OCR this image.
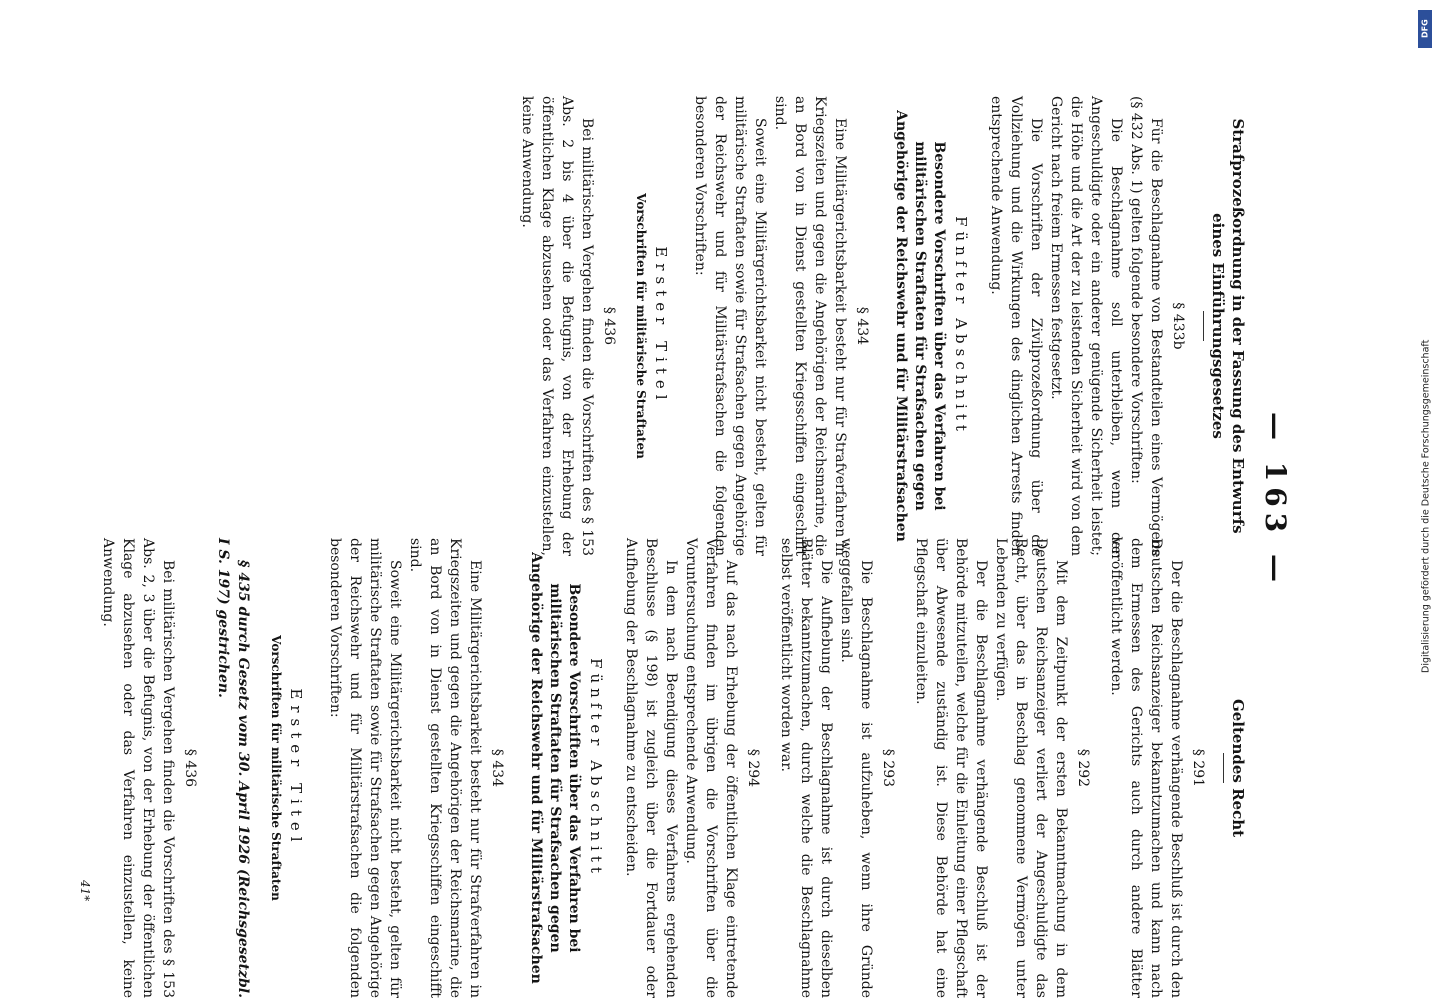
— 163 —
Strafprozeßordnung in der Fassung des Entwurfs eines Einführungsgesetzes
§ 433b

Für die Beschlagnahme von Bestandteilen eines Vermögens (§ 432 Abs. 1) gelten folgende besondere Vorschriften:

Die Beschlagnahme soll unterbleiben, wenn der Angeschuldigte oder ein anderer genügende Sicherheit leistet; die Höhe und die Art der zu leistenden Sicherheit wird von dem Gericht nach freiem Ermessen festgesetzt.

Die Vorschriften der Zivilprozeßordnung über die Vollziehung und die Wirkungen des dinglichen Arrests finden entsprechende Anwendung.

Fünfter Abschnitt
Besondere Vorschriften über das Verfahren bei militärischen Straftaten für Strafsachen gegen Angehörige der Reichswehr und für Militärstrafsachen
§ 434

Eine Militärgerichtsbarkeit besteht nur für Strafverfahren in Kriegszeiten und gegen die Angehörigen der Reichsmarine, die an Bord von in Dienst gestellten Kriegsschiffen eingeschifft sind.

Soweit eine Militärgerichtsbarkeit nicht besteht, gelten für militärische Straftaten sowie für Strafsachen gegen Angehörige der Reichswehr und für Militärstrafsachen die folgenden besonderen Vorschriften:

Erster Titel
Vorschriften für militärische Straftaten
§ 436

Bei militärischen Vergehen finden die Vorschriften des § 153 Abs. 2 bis 4 über die Befugnis, von der Erhebung der öffentlichen Klage abzusehen oder das Verfahren einzustellen, keine Anwendung.

Geltendes Recht
§ 291

Der die Beschlagnahme verhängende Beschluß ist durch den Deutschen Reichsanzeiger bekanntzumachen und kann nach dem Ermessen des Gerichts auch durch andere Blätter veröffentlicht werden.

§ 292

Mit dem Zeitpunkt der ersten Bekanntmachung in dem Deutschen Reichsanzeiger verliert der Angeschuldigte das Recht, über das in Beschlag genommene Vermögen unter Lebenden zu verfügen.

Der die Beschlagnahme verhängende Beschluß ist der Behörde mitzuteilen, welche für die Einleitung einer Pflegschaft über Abwesende zuständig ist. Diese Behörde hat eine Pflegschaft einzuleiten.

§ 293

Die Beschlagnahme ist aufzuheben, wenn ihre Gründe weggefallen sind.

Die Aufhebung der Beschlagnahme ist durch dieselben Blätter bekanntzumachen, durch welche die Beschlagnahme selbst veröffentlicht worden war.

§ 294

Auf das nach Erhebung der öffentlichen Klage eintretende Verfahren finden im übrigen die Vorschriften über die Voruntersuchung entsprechende Anwendung.

In dem nach Beendigung dieses Verfahrens ergehenden Beschlusse (§ 198) ist zugleich über die Fortdauer oder Aufhebung der Beschlagnahme zu entscheiden.

Fünfter Abschnitt
Besondere Vorschriften über das Verfahren bei militärischen Straftaten für Strafsachen gegen Angehörige der Reichswehr und für Militärstrafsachen
§ 434

Eine Militärgerichtsbarkeit besteht nur für Strafverfahren in Kriegszeiten und gegen die Angehörigen der Reichsmarine, die an Bord von in Dienst gestellten Kriegsschiffen eingeschifft sind.

Soweit eine Militärgerichtsbarkeit nicht besteht, gelten für militärische Straftaten sowie für Strafsachen gegen Angehörige der Reichswehr und für Militärstrafsachen die folgenden besonderen Vorschriften:

Erster Titel
Vorschriften für militärische Straftaten

§ 435 durch Gesetz vom 30. April 1926 (Reichsgesetzbl. I S. 197) gestrichen.

§ 436

Bei militärischen Vergehen finden die Vorschriften des § 153 Abs. 2, 3 über die Befugnis, von der Erhebung der öffentlichen Klage abzusehen oder das Verfahren einzustellen, keine Anwendung.

41*
DFG
Digitalisierung gefördert durch die Deutsche Forschungsgemeinschaft
